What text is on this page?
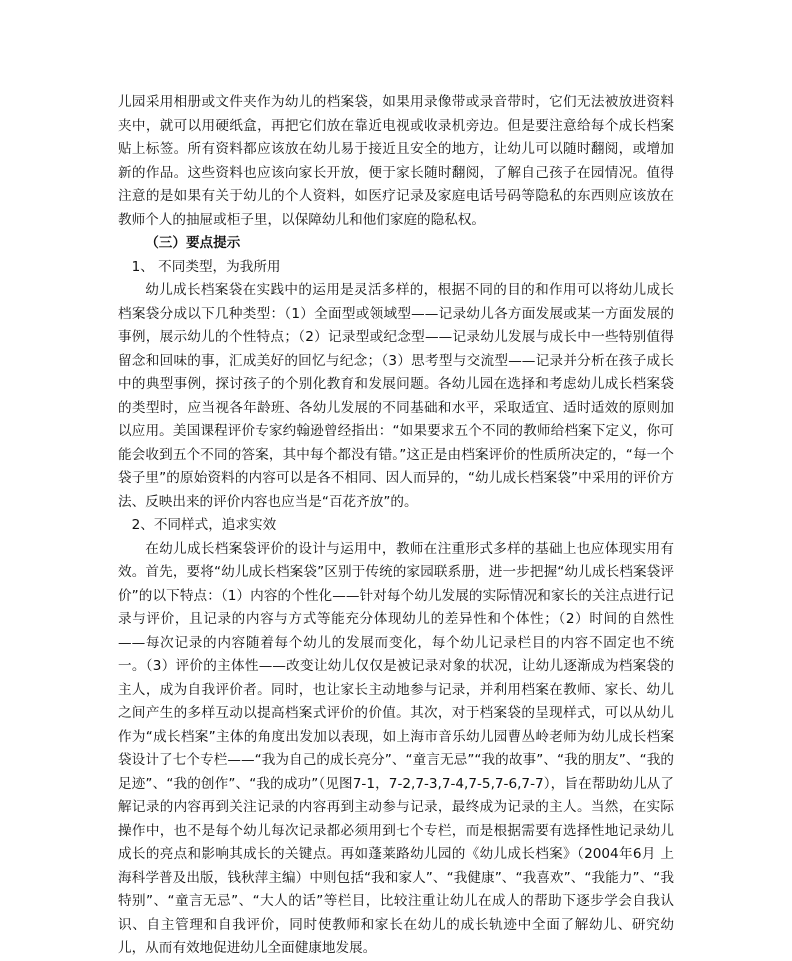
儿园采用相册或文件夹作为幼儿的档案袋，如果用录像带或录音带时，它们无法被放进资料夹中，就可以用硬纸盒，再把它们放在靠近电视或收录机旁边。但是要注意给每个成长档案贴上标签。所有资料都应该放在幼儿易于接近且安全的地方，让幼儿可以随时翻阅，或增加新的作品。这些资料也应该向家长开放，便于家长随时翻阅，了解自己孩子在园情况。值得注意的是如果有关于幼儿的个人资料，如医疗记录及家庭电话号码等隐私的东西则应该放在教师个人的抽屉或柜子里，以保障幼儿和他们家庭的隐私权。

（三）要点提示

1、 不同类型，为我所用

幼儿成长档案袋在实践中的运用是灵活多样的，根据不同的目的和作用可以将幼儿成长档案袋分成以下几种类型：（1）全面型或领域型——记录幼儿各方面发展或某一方面发展的事例，展示幼儿的个性特点；（2）记录型或纪念型——记录幼儿发展与成长中一些特别值得留念和回味的事，汇成美好的回忆与纪念；（3）思考型与交流型——记录并分析在孩子成长中的典型事例，探讨孩子的个别化教育和发展问题。各幼儿园在选择和考虑幼儿成长档案袋的类型时，应当视各年龄班、各幼儿发展的不同基础和水平，采取适宜、适时适效的原则加以应用。美国课程评价专家约翰逊曾经指出：“如果要求五个不同的教师给档案下定义，你可能会收到五个不同的答案，其中每个都没有错。”这正是由档案评价的性质所决定的，“每一个袋子里”的原始资料的内容可以是各不相同、因人而异的，“幼儿成长档案袋”中采用的评价方法、反映出来的评价内容也应当是“百花齐放”的。

2、不同样式，追求实效

在幼儿成长档案袋评价的设计与运用中，教师在注重形式多样的基础上也应体现实用有效。首先，要将“幼儿成长档案袋”区别于传统的家园联系册，进一步把握“幼儿成长档案袋评价”的以下特点：（1）内容的个性化——针对每个幼儿发展的实际情况和家长的关注点进行记录与评价，且记录的内容与方式等能充分体现幼儿的差异性和个体性；（2）时间的自然性——每次记录的内容随着每个幼儿的发展而变化，每个幼儿记录栏目的内容不固定也不统一。（3）评价的主体性——改变让幼儿仅仅是被记录对象的状况，让幼儿逐渐成为档案袋的主人，成为自我评价者。同时，也让家长主动地参与记录，并利用档案在教师、家长、幼儿之间产生的多样互动以提高档案式评价的价值。其次，对于档案袋的呈现样式，可以从幼儿作为“成长档案”主体的角度出发加以表现，如上海市音乐幼儿园曹丛岭老师为幼儿成长档案袋设计了七个专栏——“我为自己的成长亮分”、“童言无忌”“我的故事”、“我的朋友”、“我的足迹”、“我的创作”、“我的成功”（见图7-1，7-2,7-3,7-4,7-5,7-6,7-7），旨在帮助幼儿从了解记录的内容再到关注记录的内容再到主动参与记录，最终成为记录的主人。当然，在实际操作中，也不是每个幼儿每次记录都必须用到七个专栏，而是根据需要有选择性地记录幼儿成长的亮点和影响其成长的关键点。再如蓬莱路幼儿园的《幼儿成长档案》（2004年6月 上海科学普及出版，钱秋萍主编）中则包括“我和家人”、“我健康”、“我喜欢”、“我能力”、“我特别”、“童言无忌”、“大人的话”等栏目，比较注重让幼儿在成人的帮助下逐步学会自我认识、自主管理和自我评价，同时使教师和家长在幼儿的成长轨迹中全面了解幼儿、研究幼儿，从而有效地促进幼儿全面健康地发展。
